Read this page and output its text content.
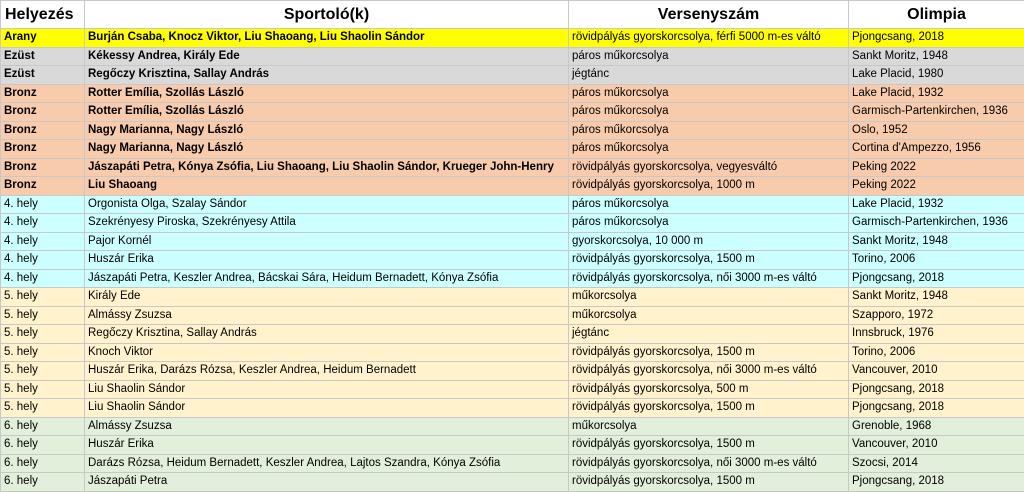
Helyezés	Sportoló(k)	Versenyszám	Olimpia
Arany	Burján Csaba, Knocz Viktor, Liu Shaoang, Liu Shaolin Sándor	rövidpályás gyorskorcsolya, férfi 5000 m-es váltó	Pjongcsang, 2018
Ezüst	Kékessy Andrea, Király Ede	páros műkorcsolya	Sankt Moritz, 1948
Ezüst	Regőczy Krisztina, Sallay András	jégtánc	Lake Placid, 1980
Bronz	Rotter Emília, Szollás László	páros műkorcsolya	Lake Placid, 1932
Bronz	Rotter Emília, Szollás László	páros műkorcsolya	Garmisch-Partenkirchen, 1936
Bronz	Nagy Marianna, Nagy László	páros műkorcsolya	Oslo, 1952
Bronz	Nagy Marianna, Nagy László	páros műkorcsolya	Cortina d'Ampezzo, 1956
Bronz	Jászapáti Petra, Kónya Zsófia, Liu Shaoang, Liu Shaolin Sándor, Krueger John-Henry	rövidpályás gyorskorcsolya, vegyesváltó	Peking 2022
Bronz	Liu Shaoang	rövidpályás gyorskorcsolya, 1000 m	Peking 2022
4. hely	Orgonista Olga, Szalay Sándor	páros műkorcsolya	Lake Placid, 1932
4. hely	Szekrényesy Piroska, Szekrényesy Attila	páros műkorcsolya	Garmisch-Partenkirchen, 1936
4. hely	Pajor Kornél	gyorskorcsolya, 10 000 m	Sankt Moritz, 1948
4. hely	Huszár Erika	rövidpályás gyorskorcsolya, 1500 m	Torino, 2006
4. hely	Jászapáti Petra, Keszler Andrea, Bácskai Sára, Heidum Bernadett, Kónya Zsófia	rövidpályás gyorskorcsolya, női 3000 m-es váltó	Pjongcsang, 2018
5. hely	Király Ede	műkorcsolya	Sankt Moritz, 1948
5. hely	Almássy Zsuzsa	műkorcsolya	Szapporo, 1972
5. hely	Regőczy Krisztina, Sallay András	jégtánc	Innsbruck, 1976
5. hely	Knoch Viktor	rövidpályás gyorskorcsolya, 1500 m	Torino, 2006
5. hely	Huszár Erika, Darázs Rózsa, Keszler Andrea, Heidum Bernadett	rövidpályás gyorskorcsolya, női 3000 m-es váltó	Vancouver, 2010
5. hely	Liu Shaolin Sándor	rövidpályás gyorskorcsolya, 500 m	Pjongcsang, 2018
5. hely	Liu Shaolin Sándor	rövidpályás gyorskorcsolya, 1500 m	Pjongcsang, 2018
6. hely	Almássy Zsuzsa	műkorcsolya	Grenoble, 1968
6. hely	Huszár Erika	rövidpályás gyorskorcsolya, 1500 m	Vancouver, 2010
6. hely	Darázs Rózsa, Heidum Bernadett, Keszler Andrea, Lajtos Szandra, Kónya Zsófia	rövidpályás gyorskorcsolya, női 3000 m-es váltó	Szocsi, 2014
6. hely	Jászapáti Petra	rövidpályás gyorskorcsolya, 1500 m	Pjongcsang, 2018
